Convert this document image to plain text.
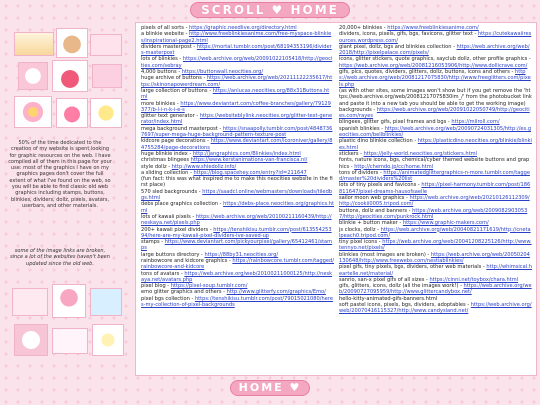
SCROLL ♥ HOME
50% of the time dedicated to the creation of my website is spent looking for graphic resources on the web. I have compiled all of them in this page for your use: most of the graphics I have on my graphics pages don't cover the full extent of what I've found on the web, so you will be able to find classic old web graphics including stamps, buttons, blinkies, dividers, dollz, pixels, avatars, userbars, and other materials.
some of the image links are broken, since a lot of the websites haven't been updated since the old web.
pixels of all sorts - https://graphic.needlive.org/directory.html
a blinkie website - http://www.freeblinkiesanime.com/free-myspace-blinkies/inspirational-page2.html
dividers masterpost - https://mortal.tumblr.com/post/68194353196/dividers-masterpost
lots of blinkies - https://web.archive.org/web/20091022105418/http://geocities.com/sebray
4,000 buttons - https://buttonwall.neocities.org/
huge archive of buttons - https://web.archive.org/web/20211122235617/https://skinonapowerdream.com/
large collection of buttons - https://anlucas.neocities.org/88x31Buttons.html
more blinkies - https://www.deviantart.com/coffee-branches/gallery/79129377/b-l-i-n-k-i-e-s
glitter text generator - https://websiteblylink.neocities.org/glitter-text-generator/index.html
mega background masterpost - https://snaapolly.tumblr.com/post/48487367697/super-mega-huge-background-pattern-texture-post
kidcore page decorations - https://www.deviantart.com/icoroniver/gallery/84755284/page-decorations
huge blinkie index - http://jangraphics.com/Blinkies/index.html
christmas blingees https://www.kerstanimations-van-francisca.nl/
style dollz - http://www.shiedollz.info/
a sliding collection - https://blog.spacehey.com/entry?id=211647
(fun fact: this was what inspired me to make this neocities website in the first place)
570 sled backgrounds - https://saadcl.online/webmasters/downloads/tiledbgs.html
debs place graphics collection - https://debs-place.neocities.org/graphics.html
lots of kawaii pixels - https://web.archive.org/web/20100211160439/http://neskaya.net/pixels.php
200+ kawaii pixel dividers - https://tenshikisu.tumblr.com/post/61355425394/here-are-my-kawaii-pixel-dividers-ive-saved-up
stamps - https://www.deviantart.com/pickyourpixel/gallery/65412461/stamps
large buttons directory - https://88by31.neocities.org/
rainbowcore and kidcore graphics - https://rainbowcore.tumblr.com/tagged/rainbowcore-and-kidcore
tons of avatars - https://web.archive.org/web/20100211000125/http://neskaya.net/avatars.php
pixel blog - https://pixel-soup.tumblr.com/
emo glitter graphics and others - http://www.glitterfy.com/graphics/Emo/
pixel bgs collection - https://tenshikisu.tumblr.com/post/79015021080/heres-my-collection-of-pixel-backgrounds
20,000+ blinkies - https://www.freeblinkiesanime.com/
dividers, icons, pixels, gifs, bgs, favicons, glitter text - https://cutekawaiiresources.wordpress.com/
giant pixel, dollz, bgs and blinkies collection - https://web.archive.org/web/2018/http://pixelpalace.com/pixels/
icons, glitter stickers, quote graphics, sayclub dollz, other profile graphics - https://web.archive.org/web/20081216053906/http://www.dollicrave.com/
gifs, pics, quotes, dividers, glitters, dollz, buttons, icons and others - https://web.archive.org/web/20081217075830/http://www.freeglitters.com/pixels.php
(as with other sites, some images won't show but if you get remove the 'https://web.archive.org/web/20081217075830im_/' from the photobucket link and paste it into a new tab you should be able to get the working image)
backgrounds - https://web.archive.org/web/20091022050749/http://geocities.com/rayes
blingees, glitter gifs, pixel frames and bgs - https://milroll.com/
spanish blinkies - https://web.archive.org/web/20090724031305/http://es.geocities.com/bellblinkies/
plastic dino blinkie collection - https://plasticdino.neocities.org/blinkie/blinkies.html
stickers - https://jelly-world.neocities.org/stickers.html
fonts, nature icons, bgs, chemical/cyber themed website buttons and graphics - http://chemdo.jp/cc/home.html
tons of dividers - https://animatedglittergraphics-n-more.tumblr.com/tagged/master%20dividers%20list
lots of tiny pixels and favicons - https://pixel-harmony.tumblr.com/post/186811647/pixel-dreams-hausofsaelle
sailor moon web graphics - https://web.archive.org/web/20210126112309/http://cookii0005.tripod.com/
buttons, dollz and banners - https://web.archive.org/web/20090829030537/http://geocities.com/punkrock.html
blinkie + button maker - https://www.graphic-makers.com/
js clocks, dollz - https://web.archive.org/web/20040821171619/http://cnetalpeach0.tripod.com/
tiny pixel icons - https://web.archive.org/web/20041208225126/http://www.tennyo.net/pixels/
blinkies (most images are broken) - https://web.archive.org/web/20050204130648/http://www.freewebs.com/nestiablinkies/
pixel gifs, tiny pixels, bgs, dividers, other web materials - http://whimsical.heartelle.net/material/
sanrio, san-x pixel gifs of all sizes - https://cinni.net/toybox/chara.html
gifs, glitters, icons, dollz (all the images work!) - https://web.archive.org/web/20090727095959/http://www.glittercandybox.net/
hello-kitty-animated-gifs-banners.html
soft pastel icons, pixels, bgs, dividers, adoptables - https://web.archive.org/web/20070416115327/http://www.candysland.net/
HOME ♥
